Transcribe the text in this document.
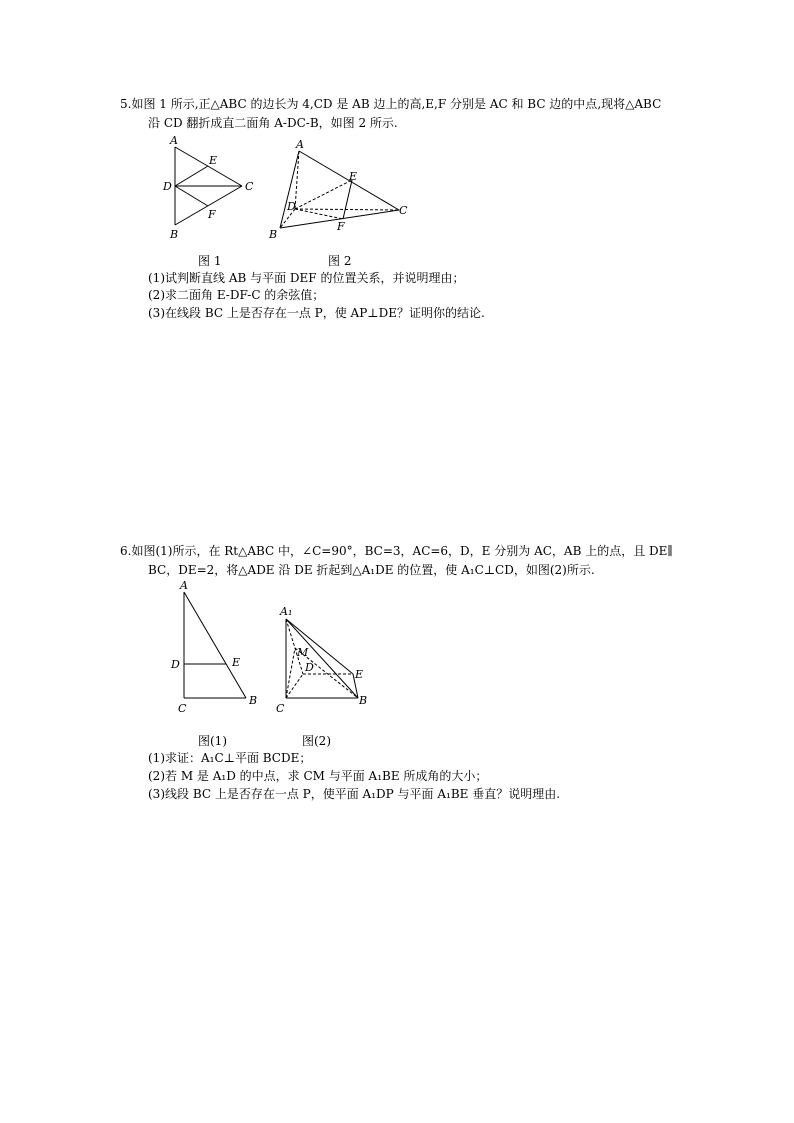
5.如图 1 所示,正△ABC 的边长为 4,CD 是 AB 边上的高,E,F 分别是 AC 和 BC 边的中点,现将△ABC
沿 CD 翻折成直二面角 A-DC-B，如图 2 所示.
A
E
D	C
F
B
图 1
A
E
D	C
F
B
图 2
(1)试判断直线 AB 与平面 DEF 的位置关系，并说明理由；
(2)求二面角 E-DF-C 的余弦值；
(3)在线段 BC 上是否存在一点 P，使 AP⊥DE？证明你的结论.
6.如图(1)所示，在 Rt△ABC 中，∠C=90°，BC=3，AC=6，D，E 分别为 AC，AB 上的点，且 DE∥
BC，DE=2，将△ADE 沿 DE 折起到△A₁DE 的位置，使 A₁C⊥CD，如图(2)所示.
A
D	E
C
B
图(1)
A₁
M
D
E
C
B
图(2)
(1)求证：A₁C⊥平面 BCDE；
(2)若 M 是 A₁D 的中点，求 CM 与平面 A₁BE 所成角的大小；
(3)线段 BC 上是否存在一点 P，使平面 A₁DP 与平面 A₁BE 垂直？说明理由.
